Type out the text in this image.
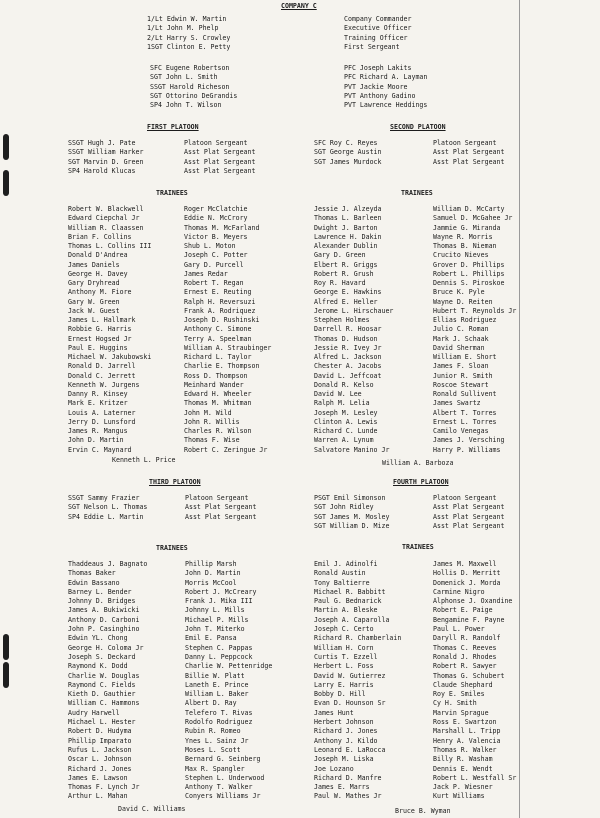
COMPANY C
1/Lt Edwin W. Martin
1/Lt John M. Phelp
2/Lt Harry S. Crowley
1SGT Clinton E. Petty
Company Commander
Executive Officer
Training Officer
First Sergeant
SFC Eugene Robertson
SGT John L. Smith
SSGT Harold Richeson
SGT Ottorino DeGrandis
SP4 John T. Wilson
PFC Joseph Lakits
PFC Richard A. Layman
PVT Jackie Moore
PVT Anthony Gadino
PVT Lawrence Heddings
FIRST PLATOON
SSGT Hugh J. Pate
SSGT William Harker
SGT Marvin D. Green
SP4 Harold Klucas
Platoon Sergeant
Asst Plat Sergeant
Asst Plat Sergeant
Asst Plat Sergeant
TRAINEES
Robert W. Blackwell
Edward Ciepchal Jr
William R. Claassen
Brian F. Collins
Thomas L. Collins III
Donald D'Andrea
James Daniels
George H. Davey
Gary Dryhread
Anthony M. Fiore
Gary W. Green
Jack W. Guest
James L. Hallmark
Robbie G. Harris
Ernest Hogsed Jr
Paul E. Huggins
Michael W. Jakubowski
Ronald D. Jarrell
Donald C. Jerrett
Kenneth W. Jurgens
Danny R. Kinsey
Mark E. Kritzer
Louis A. Laterner
Jerry D. Lunsford
James R. Mangus
John D. Martin
Ervin C. Maynard
Roger McClatchie
Eddie N. McCrory
Thomas M. McFarland
Victor B. Meyers
Shub L. Moton
Joseph C. Potter
Gary D. Purcell
James Redar
Robert T. Regan
Ernest E. Reuting
Ralph H. Reversuzi
Frank A. Rodriquez
Joseph D. Rushinski
Anthony C. Simone
Terry A. Speelman
William A. Straubinger
Richard L. Taylor
Charlie E. Thompson
Ross D. Thompson
Meinhard Wander
Edward H. Wheeler
Thomas M. Whitman
John M. Wild
John R. Willis
Charles R. Wilson
Thomas F. Wise
Robert C. Zeringue Jr
Kenneth L. Price
SECOND PLATOON
SFC Roy C. Reyes
SGT George Austin
SGT James Murdock
Platoon Sergeant
Asst Plat Sergeant
Asst Plat Sergeant
TRAINEES
Jessie J. Alzeyda
Thomas L. Barleen
Dwight J. Barton
Lawrence H. Dakin
Alexander Dublin
Gary D. Green
Elbert R. Griggs
Robert R. Grush
Roy R. Havard
George E. Hawkins
Alfred E. Heller
Jerome L. Hirschauer
Stephen Holmes
Darrell R. Hoosar
Thomas D. Hudson
Jessie R. Ivey Jr
Alfred L. Jackson
Chester A. Jacobs
David L. Jeffcoat
Donald R. Kelso
David W. Lee
Ralph M. Lelia
Joseph M. Lesley
Clinton A. Lewis
Richard C. Lunde
Warren A. Lynum
Salvatore Manino Jr
William D. McCarty
Samuel D. McGahee Jr
Jammie G. Miranda
Wayne R. Morris
Thomas B. Nieman
Crucito Nieves
Grover D. Phillips
Robert L. Phillips
Dennis S. Piroskoe
Bruce K. Pyle
Wayne D. Reiten
Hubert T. Reynolds Jr
Ellias Rodriguez
Julio C. Roman
Mark J. Schaak
David Sherman
William E. Short
James F. Sloan
Junior R. Smith
Roscoe Stewart
Ronald Sullivent
James Swartz
Albert T. Torres
Ernest L. Torres
Camilo Venegas
James J. Versching
Harry P. Williams
William A. Barboza
THIRD PLATOON
SSGT Sammy Frazier
SGT Nelson L. Thomas
SP4 Eddie L. Martin
Platoon Sergeant
Asst Plat Sergeant
Asst Plat Sergeant
TRAINEES
Thaddeaus J. Bagnato
Thomas Baker
Edwin Bassano
Barney L. Bender
Johnny D. Bridges
James A. Bukiwicki
Anthony D. Carboni
John P. Casinghino
Edwin YL. Chong
George H. Coloma Jr
Joseph S. Deckard
Raymond K. Dodd
Charlie W. Douglas
Raymond C. Fields
Kieth D. Gauthier
William C. Hammons
Audry Harwell
Michael L. Hester
Robert D. Hudyma
Phillip Imparato
Rufus L. Jackson
Oscar L. Johnson
Richard J. Jones
James E. Lawson
Thomas F. Lynch Jr
Arthur L. Mahan
Phillip Marsh
John D. Martin
Morris McCool
Robert J. McCreary
Frank J. Mika III
Johnny L. Mills
Michael P. Mills
John T. Miterko
Emil E. Pansa
Stephen C. Pappas
Danny L. Peppcock
Charlie W. Pettenridge
Billie W. Platt
Laneth E. Prince
William L. Baker
Albert D. Ray
Telefero T. Rivas
Rodolfo Rodriguez
Rubin R. Romeo
Ynes L. Sainz Jr
Moses L. Scott
Bernard G. Seinberg
Max R. Spangler
Stephen L. Underwood
Anthony T. Walker
Conyers Williams Jr
David C. Williams
FOURTH PLATOON
PSGT Emil Simonson
SGT John Ridley
SGT James M. Mosley
SGT William D. Mize
Platoon Sergeant
Asst Plat Sergeant
Asst Plat Sergeant
Asst Plat Sergeant
TRAINEES
Emil J. Adinolfi
Ronald Austin
Tony Baltierre
Michael R. Babbitt
Paul G. Bednarick
Martin A. Bleske
Joseph A. Caparolla
Joseph C. Certo
Richard R. Chamberlain
William H. Corn
Curtis T. Ezzell
Herbert L. Foss
David W. Gutierrez
Larry E. Harris
Bobby D. Hill
Evan D. Hounson Sr
James Hunt
Herbert Johnson
Richard J. Jones
Anthony J. Kildo
Leonard E. LaRocca
Joseph M. Liska
Joe Lozano
Richard D. Manfre
James E. Marrs
Paul W. Mathes Jr
James M. Maxwell
Hollis D. Merritt
Domenick J. Morda
Carmine Nigro
Alphonse J. Oxandine
Robert E. Paige
Bengamine F. Payne
Paul L. Power
Daryll R. Randolf
Thomas C. Reeves
Ronald J. Rhodes
Robert R. Sawyer
Thomas G. Schubert
Claude Shephard
Roy E. Smiles
Cy H. Smith
Marvin Sprague
Ross E. Swartzon
Marshall L. Tripp
Henry A. Valencia
Thomas R. Walker
Billy R. Washam
Dennis E. Wendt
Robert L. Westfall Sr
Jack P. Wiesner
Kurt Williams
Bruce B. Wyman
